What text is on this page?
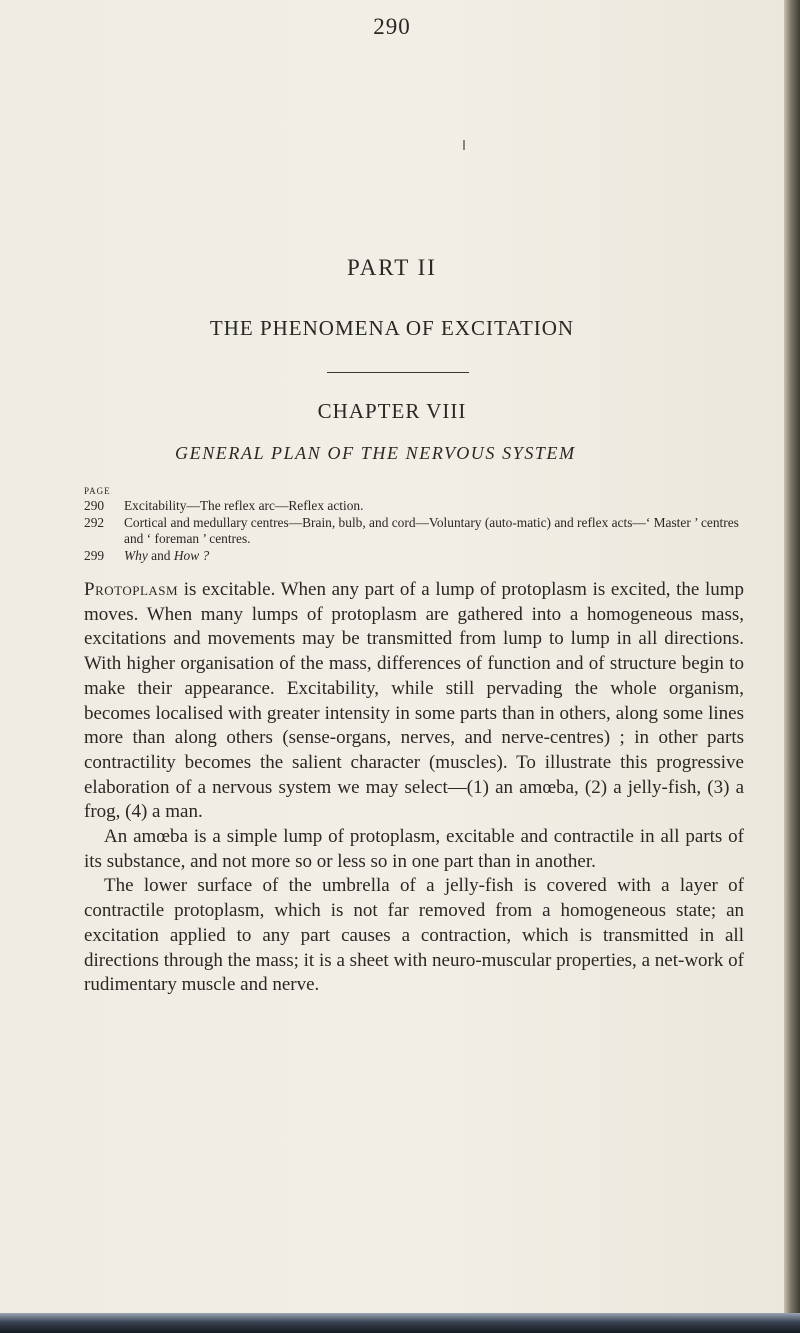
290
PART II
THE PHENOMENA OF EXCITATION
CHAPTER VIII
GENERAL PLAN OF THE NERVOUS SYSTEM
PAGE
290	Excitability—The reflex arc—Reflex action.
292	Cortical and medullary centres—Brain, bulb, and cord—Voluntary (auto-matic) and reflex acts—‘ Master ’ centres and ‘ foreman ’ centres.
299	Why and How ?

Protoplasm is excitable. When any part of a lump of protoplasm is excited, the lump moves. When many lumps of protoplasm are gathered into a homogeneous mass, excitations and movements may be transmitted from lump to lump in all directions. With higher organisation of the mass, differences of function and of structure begin to make their appearance. Excitability, while still pervading the whole organism, becomes localised with greater intensity in some parts than in others, along some lines more than along others (sense-organs, nerves, and nerve-centres) ; in other parts contractility becomes the salient character (muscles). To illustrate this progressive elaboration of a nervous system we may select—(1) an amœba, (2) a jelly-fish, (3) a frog, (4) a man.

An amœba is a simple lump of protoplasm, excitable and contractile in all parts of its substance, and not more so or less so in one part than in another.

The lower surface of the umbrella of a jelly-fish is covered with a layer of contractile protoplasm, which is not far removed from a homogeneous state; an excitation applied to any part causes a contraction, which is transmitted in all directions through the mass; it is a sheet with neuro-muscular properties, a net-work of rudimentary muscle and nerve.
